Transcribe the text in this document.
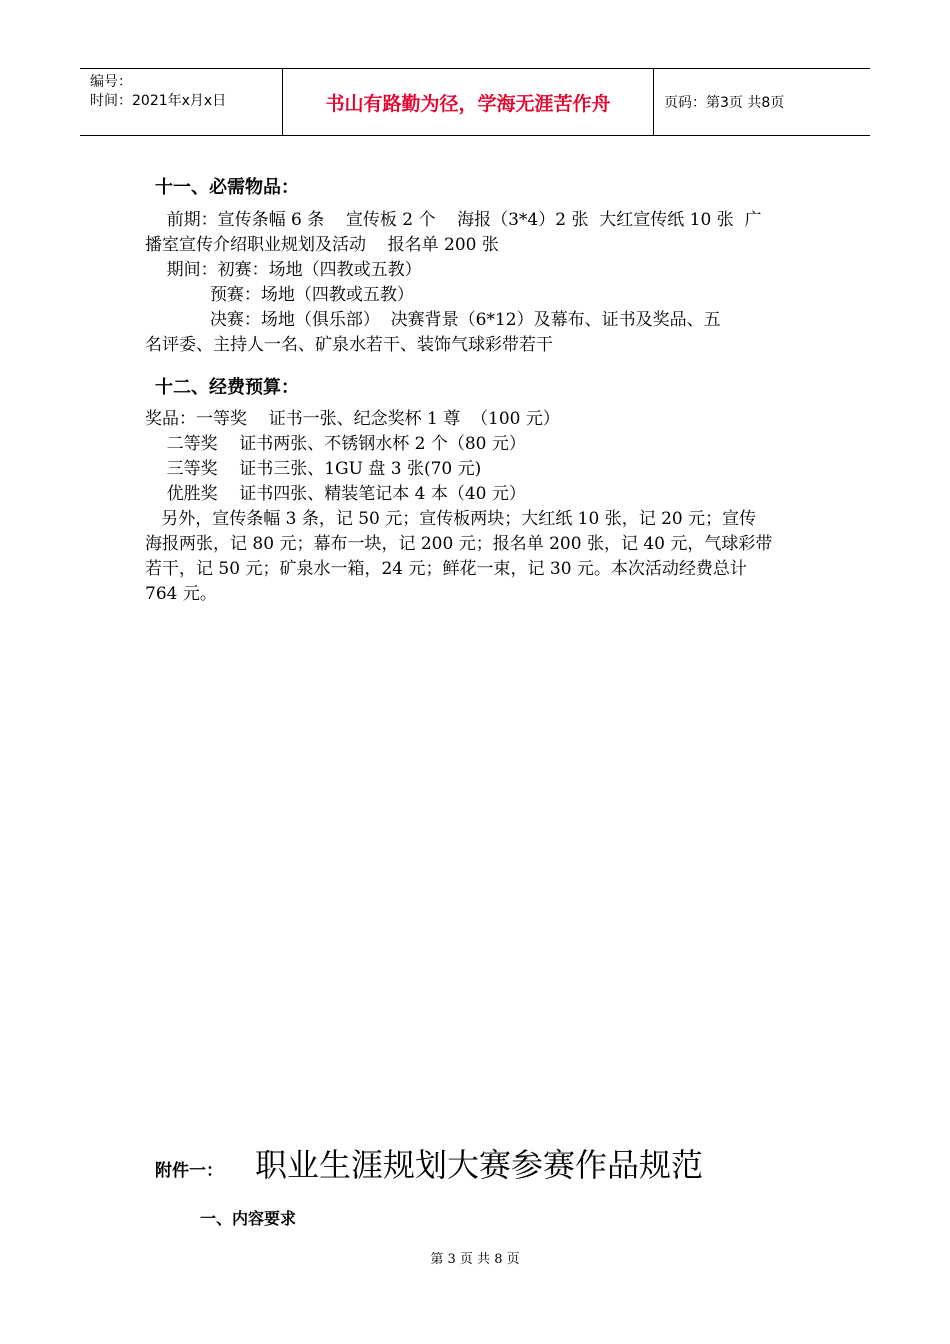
编号：
时间：2021年x月x日	书山有路勤为径，学海无涯苦作舟	页码：第3页 共8页
十一、必需物品：
前期：宣传条幅 6 条    宣传板 2 个    海报（3*4）2 张  大红宣传纸 10 张  广
播室宣传介绍职业规划及活动    报名单 200 张
期间：初赛：场地（四教或五教）
预赛：场地（四教或五教）
决赛：场地（俱乐部）  决赛背景（6*12）及幕布、证书及奖品、五
名评委、主持人一名、矿泉水若干、装饰气球彩带若干
十二、经费预算：
奖品：一等奖    证书一张、纪念奖杯 1 尊  （100 元）
二等奖    证书两张、不锈钢水杯 2 个（80 元）
三等奖    证书三张、1GU 盘 3 张(70 元)
优胜奖    证书四张、精装笔记本 4 本（40 元）
另外，宣传条幅 3 条，记 50 元；宣传板两块；大红纸 10 张，记 20 元；宣传
海报两张，记 80 元；幕布一块，记 200 元；报名单 200 张，记 40 元，气球彩带
若干，记 50 元；矿泉水一箱，24 元；鲜花一束，记 30 元。本次活动经费总计
764 元。
附件一：	职业生涯规划大赛参赛作品规范
一、内容要求
第 3 页 共 8 页
